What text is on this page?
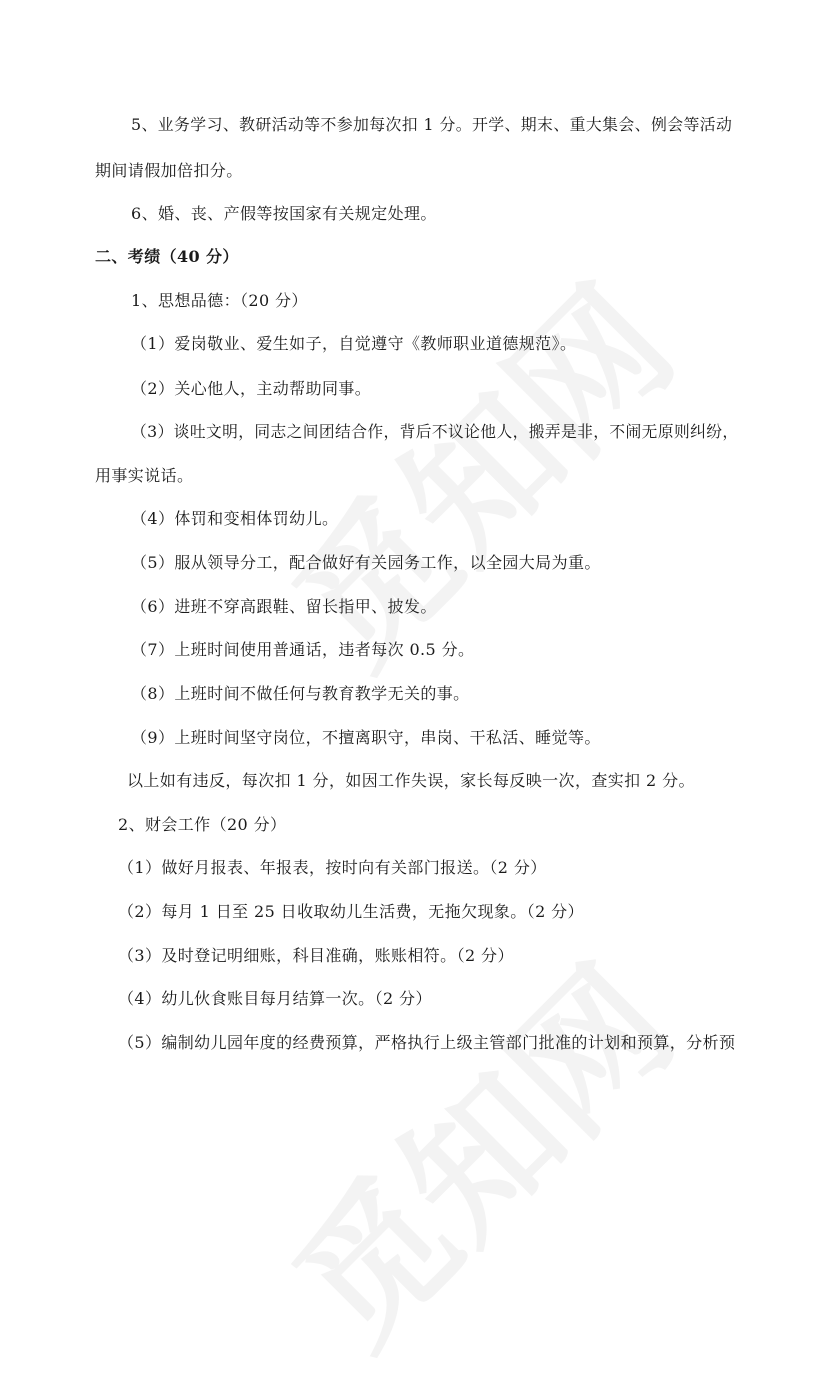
5、业务学习、教研活动等不参加每次扣 1 分。开学、期末、重大集会、例会等活动
期间请假加倍扣分。
6、婚、丧、产假等按国家有关规定处理。
二、考绩（40 分）
1、思想品德：（20 分）
（1）爱岗敬业、爱生如子，自觉遵守《教师职业道德规范》。
（2）关心他人，主动帮助同事。
（3）谈吐文明，同志之间团结合作，背后不议论他人，搬弄是非，不闹无原则纠纷，
用事实说话。
（4）体罚和变相体罚幼儿。
（5）服从领导分工，配合做好有关园务工作，以全园大局为重。
（6）进班不穿高跟鞋、留长指甲、披发。
（7）上班时间使用普通话，违者每次 0.5 分。
（8）上班时间不做任何与教育教学无关的事。
（9）上班时间坚守岗位，不擅离职守，串岗、干私活、睡觉等。
以上如有违反，每次扣 1 分，如因工作失误，家长每反映一次，查实扣 2 分。
2、财会工作（20 分）
（1）做好月报表、年报表，按时向有关部门报送。（2 分）
（2）每月 1 日至 25 日收取幼儿生活费，无拖欠现象。（2 分）
（3）及时登记明细账，科目准确，账账相符。（2 分）
（4）幼儿伙食账目每月结算一次。（2 分）
（5）编制幼儿园年度的经费预算，严格执行上级主管部门批准的计划和预算，分析预
